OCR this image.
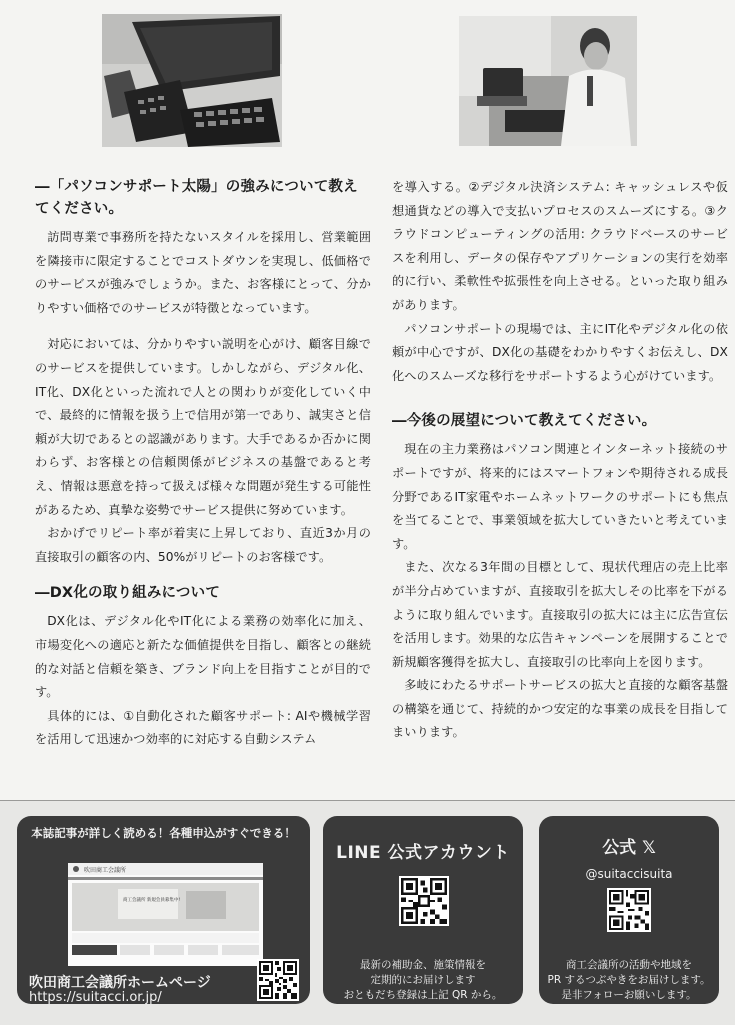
―「パソコンサポート太陽」の強みについて教えてください。

訪問専業で事務所を持たないスタイルを採用し、営業範囲を隣接市に限定することでコストダウンを実現し、低価格でのサービスが強みでしょうか。また、お客様にとって、分かりやすい価格でのサービスが特徴となっています。

対応においては、分かりやすい説明を心がけ、顧客目線でのサービスを提供しています。しかしながら、デジタル化、IT化、DX化といった流れで人との関わりが変化していく中で、最終的に情報を扱う上で信用が第一であり、誠実さと信頼が大切であるとの認識があります。大手であるか否かに関わらず、お客様との信頼関係がビジネスの基盤であると考え、情報は悪意を持って扱えば様々な問題が発生する可能性があるため、真摯な姿勢でサービス提供に努めています。

おかげでリピート率が着実に上昇しており、直近3か月の直接取引の顧客の内、50%がリピートのお客様です。

―DX化の取り組みについて

DX化は、デジタル化やIT化による業務の効率化に加え、市場変化への適応と新たな価値提供を目指し、顧客との継続的な対話と信頼を築き、ブランド向上を目指すことが目的です。

具体的には、①自動化された顧客サポート: AIや機械学習を活用して迅速かつ効率的に対応する自動システム

を導入する。②デジタル決済システム: キャッシュレスや仮想通貨などの導入で支払いプロセスのスムーズにする。③クラウドコンピューティングの活用: クラウドベースのサービスを利用し、データの保存やアプリケーションの実行を効率的に行い、柔軟性や拡張性を向上させる。といった取り組みがあります。

パソコンサポートの現場では、主にIT化やデジタル化の依頼が中心ですが、DX化の基礎をわかりやすくお伝えし、DX化へのスムーズな移行をサポートするよう心がけています。

―今後の展望について教えてください。

現在の主力業務はパソコン関連とインターネット接続のサポートですが、将来的にはスマートフォンや期待される成長分野であるIT家電やホームネットワークのサポートにも焦点を当てることで、事業領域を拡大していきたいと考えています。

また、次なる3年間の目標として、現状代理店の売上比率が半分占めていますが、直接取引を拡大しその比率を下がるように取り組んでいます。直接取引の拡大には主に広告宣伝を活用します。効果的な広告キャンペーンを展開することで新規顧客獲得を拡大し、直接取引の比率向上を図ります。

多岐にわたるサポートサービスの拡大と直接的な顧客基盤の構築を通じて、持続的かつ安定的な事業の成長を目指してまいります。

本誌記事が詳しく読める！各種申込がすぐできる！
吹田商工会議所
商工会議所 新規会員募集中!
吹田商工会議所ホームページ
https://suitacci.or.jp/
LINE 公式アカウント
最新の補助金、施策情報を
定期的にお届けします
おともだち登録は上記 QR から。
公式 𝕏
@suitaccisuita
商工会議所の活動や地域を
PR するつぶやきをお届けします。
是非フォローお願いします。
